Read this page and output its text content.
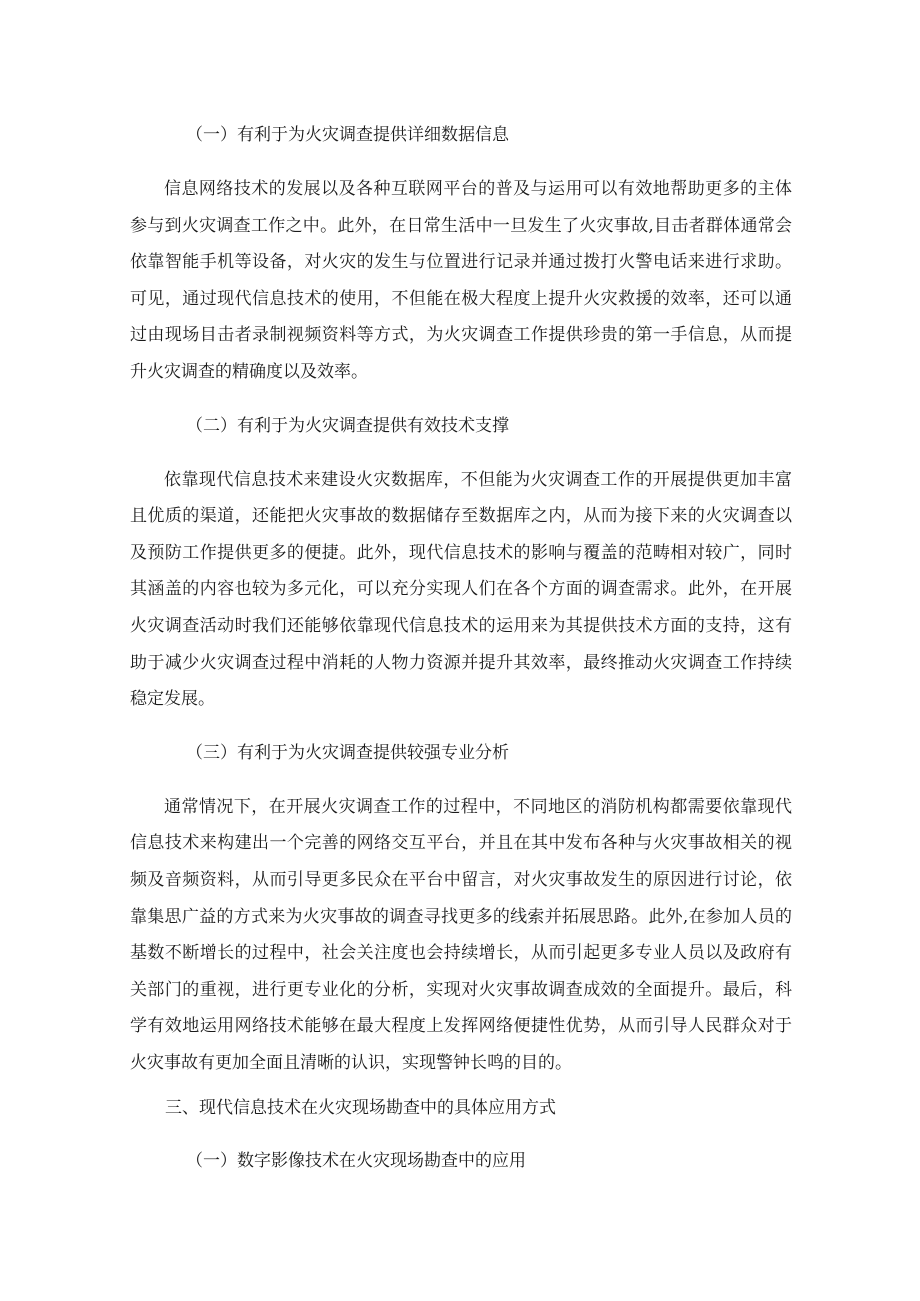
（一）有利于为火灾调查提供详细数据信息

信息网络技术的发展以及各种互联网平台的普及与运用可以有效地帮助更多的主体参与到火灾调查工作之中。此外，在日常生活中一旦发生了火灾事故,目击者群体通常会依靠智能手机等设备，对火灾的发生与位置进行记录并通过拨打火警电话来进行求助。可见，通过现代信息技术的使用，不但能在极大程度上提升火灾救援的效率，还可以通过由现场目击者录制视频资料等方式，为火灾调查工作提供珍贵的第一手信息，从而提升火灾调查的精确度以及效率。

（二）有利于为火灾调查提供有效技术支撑

依靠现代信息技术来建设火灾数据库，不但能为火灾调查工作的开展提供更加丰富且优质的渠道，还能把火灾事故的数据储存至数据库之内，从而为接下来的火灾调查以及预防工作提供更多的便捷。此外，现代信息技术的影响与覆盖的范畴相对较广，同时其涵盖的内容也较为多元化，可以充分实现人们在各个方面的调查需求。此外，在开展火灾调查活动时我们还能够依靠现代信息技术的运用来为其提供技术方面的支持，这有助于减少火灾调查过程中消耗的人物力资源并提升其效率，最终推动火灾调查工作持续稳定发展。

（三）有利于为火灾调查提供较强专业分析

通常情况下，在开展火灾调查工作的过程中，不同地区的消防机构都需要依靠现代信息技术来构建出一个完善的网络交互平台，并且在其中发布各种与火灾事故相关的视频及音频资料，从而引导更多民众在平台中留言，对火灾事故发生的原因进行讨论，依靠集思广益的方式来为火灾事故的调查寻找更多的线索并拓展思路。此外,在参加人员的基数不断增长的过程中，社会关注度也会持续增长，从而引起更多专业人员以及政府有关部门的重视，进行更专业化的分析，实现对火灾事故调查成效的全面提升。最后，科学有效地运用网络技术能够在最大程度上发挥网络便捷性优势，从而引导人民群众对于火灾事故有更加全面且清晰的认识，实现警钟长鸣的目的。

三、现代信息技术在火灾现场勘查中的具体应用方式
（一）数字影像技术在火灾现场勘查中的应用
